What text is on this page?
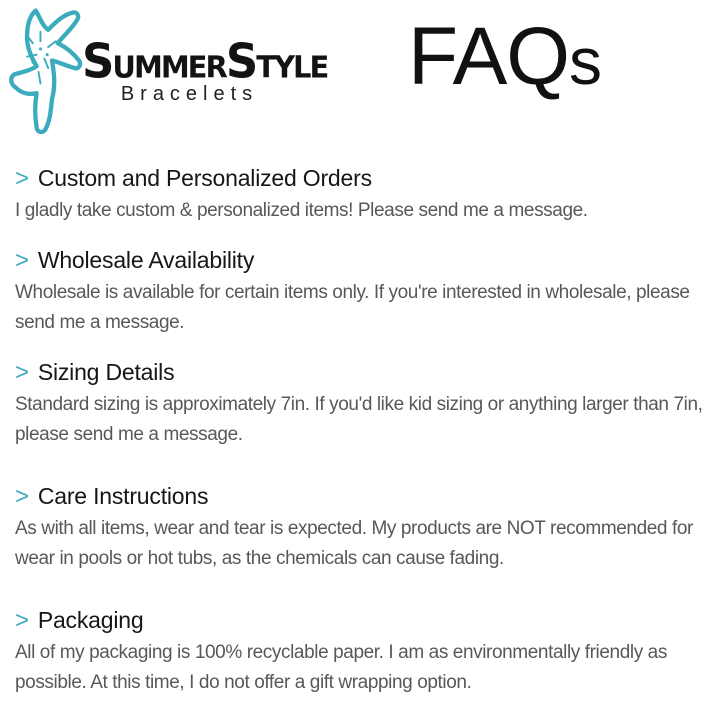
S UMMER S TYLE
Bracelets	FAQs
> Custom and Personalized Orders
I gladly take custom & personalized items! Please send me a message.
> Wholesale Availability
Wholesale is available for certain items only. If you're interested in wholesale, please send me a message.
> Sizing Details
Standard sizing is approximately 7in. If you'd like kid sizing or anything larger than 7in, please send me a message.
> Care Instructions
As with all items, wear and tear is expected. My products are NOT recommended for wear in pools or hot tubs, as the chemicals can cause fading.
> Packaging
All of my packaging is 100% recyclable paper. I am as environmentally friendly as possible. At this time, I do not offer a gift wrapping option.
